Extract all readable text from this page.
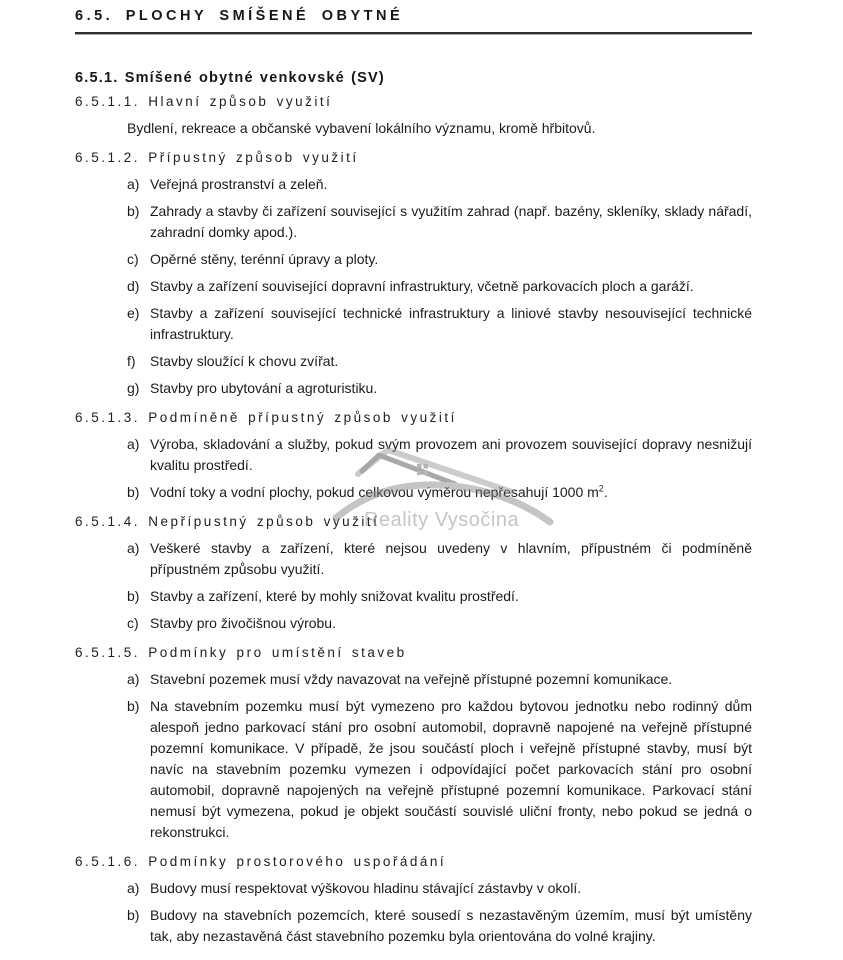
Reality Vysočina
6.5. PLOCHY SMÍŠENÉ OBYTNÉ
6.5.1. Smíšené obytné venkovské (SV)
6.5.1.1. Hlavní způsob využití
Bydlení, rekreace a občanské vybavení lokálního významu, kromě hřbitovů.
6.5.1.2. Přípustný způsob využití
a) Veřejná prostranství a zeleň.
b) Zahrady a stavby či zařízení související s využitím zahrad (např. bazény, skleníky, sklady nářadí, zahradní domky apod.).
c) Opěrné stěny, terénní úpravy a ploty.
d) Stavby a zařízení související dopravní infrastruktury, včetně parkovacích ploch a garáží.
e) Stavby a zařízení související technické infrastruktury a liniové stavby nesouvisející technické infrastruktury.
f) Stavby sloužící k chovu zvířat.
g) Stavby pro ubytování a agroturistiku.
6.5.1.3. Podmíněně přípustný způsob využití
a) Výroba, skladování a služby, pokud svým provozem ani provozem související dopravy nesnižují kvalitu prostředí.
b) Vodní toky a vodní plochy, pokud celkovou výměrou nepřesahují 1000 $m^2$.
6.5.1.4. Nepřípustný způsob využití
a) Veškeré stavby a zařízení, které nejsou uvedeny v hlavním, přípustném či podmíněně přípustném způsobu využití.
b) Stavby a zařízení, které by mohly snižovat kvalitu prostředí.
c) Stavby pro živočišnou výrobu.
6.5.1.5. Podmínky pro umístění staveb
a) Stavební pozemek musí vždy navazovat na veřejně přístupné pozemní komunikace.
b) Na stavebním pozemku musí být vymezeno pro každou bytovou jednotku nebo rodinný dům alespoň jedno parkovací stání pro osobní automobil, dopravně napojené na veřejně přístupné pozemní komunikace. V případě, že jsou součástí ploch i veřejně přístupné stavby, musí být navíc na stavebním pozemku vymezen i odpovídající počet parkovacích stání pro osobní automobil, dopravně napojených na veřejně přístupné pozemní komunikace. Parkovací stání nemusí být vymezena, pokud je objekt součástí souvislé uliční fronty, nebo pokud se jedná o rekonstrukci.
6.5.1.6. Podmínky prostorového uspořádání
a) Budovy musí respektovat výškovou hladinu stávající zástavby v okolí.
b) Budovy na stavebních pozemcích, které sousedí s nezastavěným územím, musí být umístěny tak, aby nezastavěná část stavebního pozemku byla orientována do volné krajiny.
